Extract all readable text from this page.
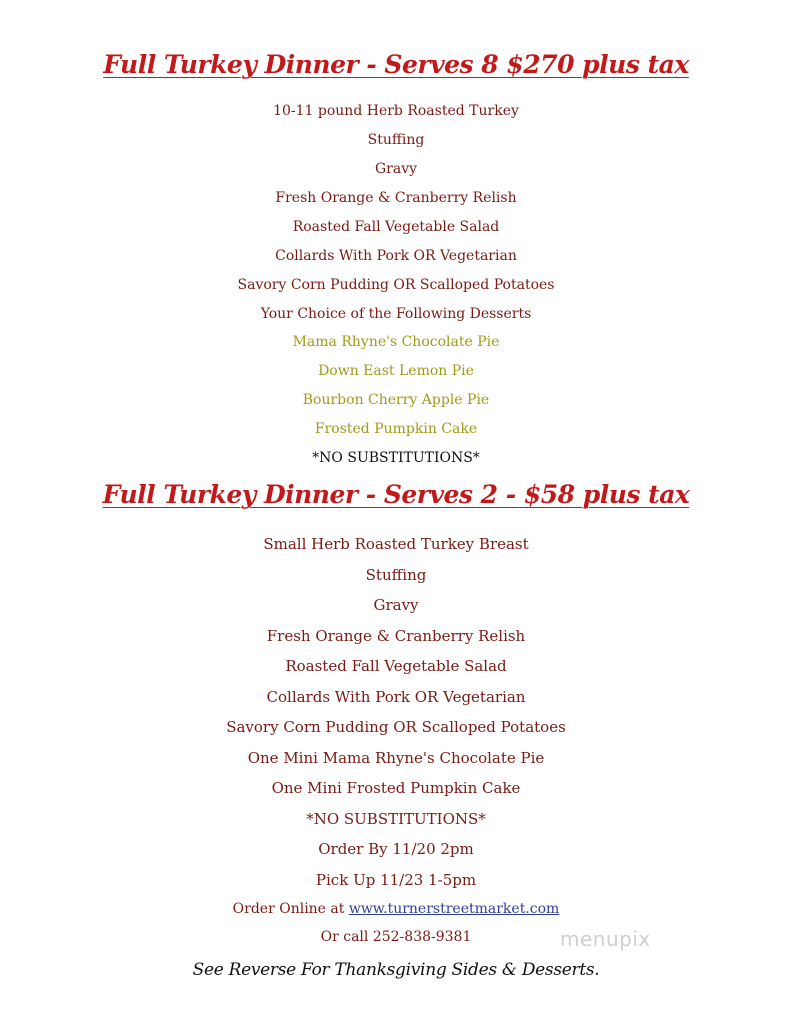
Full Turkey Dinner - Serves 8 $270 plus tax
10-11 pound Herb Roasted Turkey
Stuffing
Gravy
Fresh Orange & Cranberry Relish
Roasted Fall Vegetable Salad
Collards With Pork OR Vegetarian
Savory Corn Pudding OR Scalloped Potatoes
Your Choice of the Following Desserts
Mama Rhyne's Chocolate Pie
Down East Lemon Pie
Bourbon Cherry Apple Pie
Frosted Pumpkin Cake
*NO SUBSTITUTIONS*
Full Turkey Dinner - Serves 2 - $58 plus tax
Small Herb Roasted Turkey Breast
Stuffing
Gravy
Fresh Orange & Cranberry Relish
Roasted Fall Vegetable Salad
Collards With Pork OR Vegetarian
Savory Corn Pudding OR Scalloped Potatoes
One Mini Mama Rhyne's Chocolate Pie
One Mini Frosted Pumpkin Cake
*NO SUBSTITUTIONS*
Order By 11/20 2pm
Pick Up 11/23 1-5pm
Order Online at www.turnerstreetmarket.com
Or call 252-838-9381
See Reverse For Thanksgiving Sides & Desserts.
menupix
